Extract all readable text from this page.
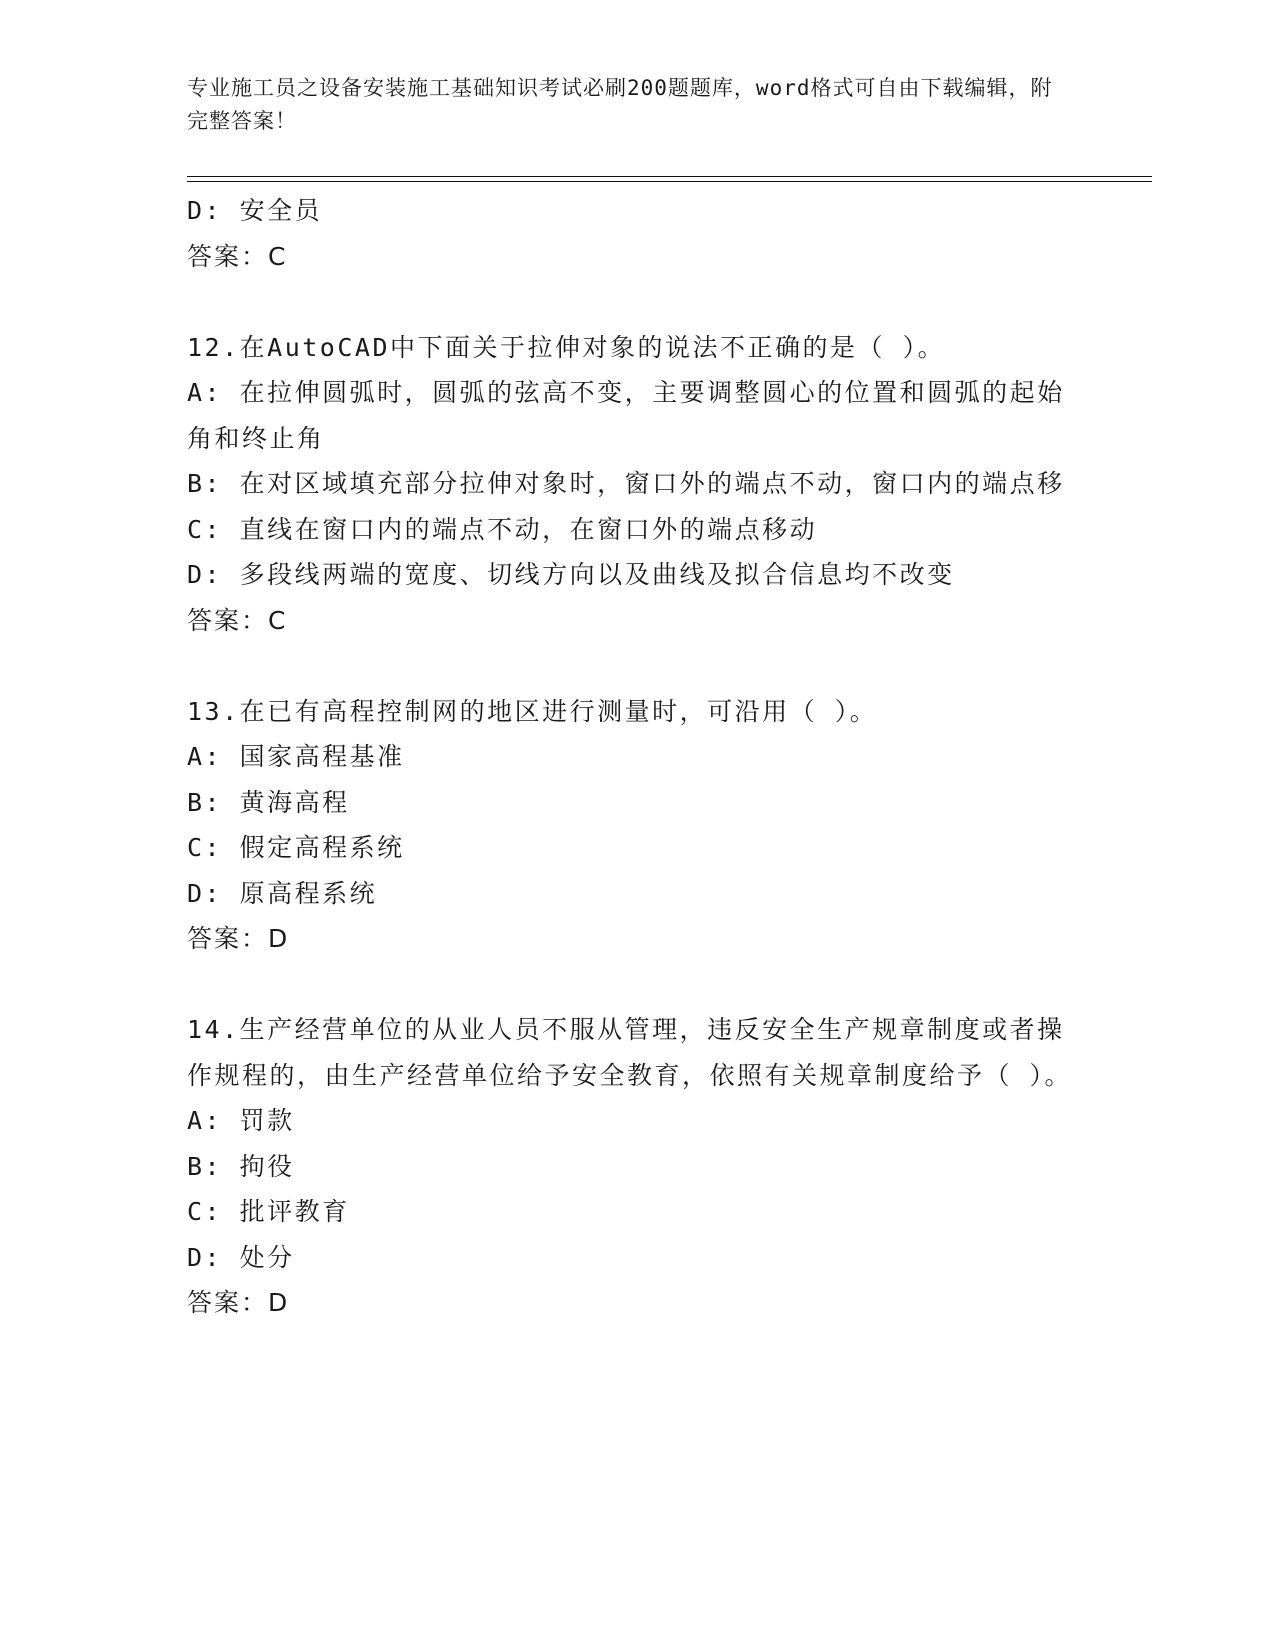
专业施工员之设备安装施工基础知识考试必刷200题题库，word格式可自由下载编辑，附完整答案！
D: 安全员
答案：C
12.在AutoCAD中下面关于拉伸对象的说法不正确的是（ ）。
A: 在拉伸圆弧时，圆弧的弦高不变，主要调整圆心的位置和圆弧的起始角和终止角
B: 在对区域填充部分拉伸对象时，窗口外的端点不动，窗口内的端点移
C: 直线在窗口内的端点不动，在窗口外的端点移动
D: 多段线两端的宽度、切线方向以及曲线及拟合信息均不改变
答案：C
13.在已有高程控制网的地区进行测量时，可沿用（ ）。
A: 国家高程基准
B: 黄海高程
C: 假定高程系统
D: 原高程系统
答案：D
14.生产经营单位的从业人员不服从管理，违反安全生产规章制度或者操作规程的，由生产经营单位给予安全教育，依照有关规章制度给予（ ）。
A: 罚款
B: 拘役
C: 批评教育
D: 处分
答案：D
